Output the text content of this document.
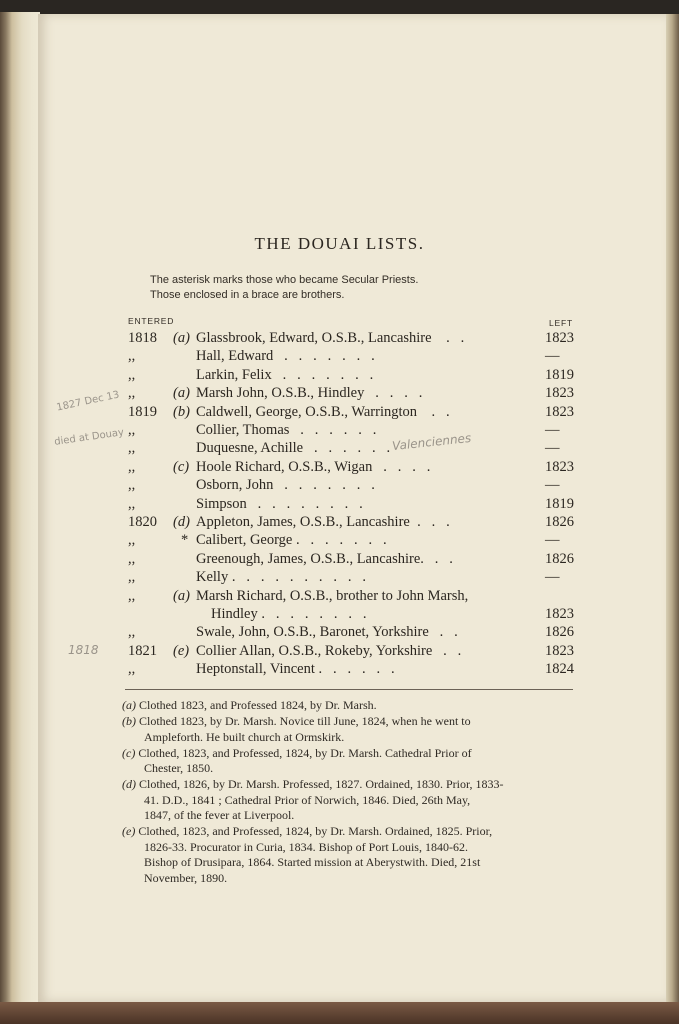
THE DOUAI LISTS.
The asterisk marks those who became Secular Priests.
Those enclosed in a brace are brothers.
ENTERED	LEFT
1818 (a) Glassbrook, Edward, O.S.B., Lancashire    .   .	1823
,,	Hall, Edward   .   .   .   .   .   .   .	—
,,	Larkin, Felix   .   .   .   .   .   .   .	1819
,,	(a) Marsh John, O.S.B., Hindley   .   .   .   .	1823
1819 (b) Caldwell, George, O.S.B., Warrington    .   .	1823
,,	Collier, Thomas   .   .   .   .   .   .	—
,,	Duquesne, Achille   .   .   .   .   .   .	—
,,	(c) Hoole Richard, O.S.B., Wigan   .   .   .   .	1823
,,	Osborn, John   .   .   .   .   .   .   .	—
,,	Simpson   .   .   .   .   .   .   .   .	1819
1820 (d) Appleton, James, O.S.B., Lancashire  .   .   .	1826
,,	* Calibert, George .   .   .   .   .   .   .	—
,,	Greenough, James, O.S.B., Lancashire.   .   .	1826
,,	Kelly .   .   .   .   .   .   .   .   .   .	—
,,	(a) Marsh Richard, O.S.B., brother to John Marsh,
Hindley .   .   .   .   .   .   .   .	1823
,,	Swale, John, O.S.B., Baronet, Yorkshire   .   .	1826
1821 (e) Collier Allan, O.S.B., Rokeby, Yorkshire   .   .	1823
,,	Heptonstall, Vincent .   .   .   .   .   .	1824
(a) Clothed 1823, and Professed 1824, by Dr. Marsh.
(b) Clothed 1823, by Dr. Marsh. Novice till June, 1824, when he went to
Ampleforth. He built church at Ormskirk.
(c) Clothed, 1823, and Professed, 1824, by Dr. Marsh. Cathedral Prior of
Chester, 1850.
(d) Clothed, 1826, by Dr. Marsh. Professed, 1827. Ordained, 1830. Prior, 1833-
41. D.D., 1841 ; Cathedral Prior of Norwich, 1846. Died, 26th May,
1847, of the fever at Liverpool.
(e) Clothed, 1823, and Professed, 1824, by Dr. Marsh. Ordained, 1825. Prior,
1826-33. Procurator in Curia, 1834. Bishop of Port Louis, 1840-62.
Bishop of Drusipara, 1864. Started mission at Aberystwith. Died, 21st
November, 1890.
1827 Dec 13
died at Douay	Valenciennes
1818
